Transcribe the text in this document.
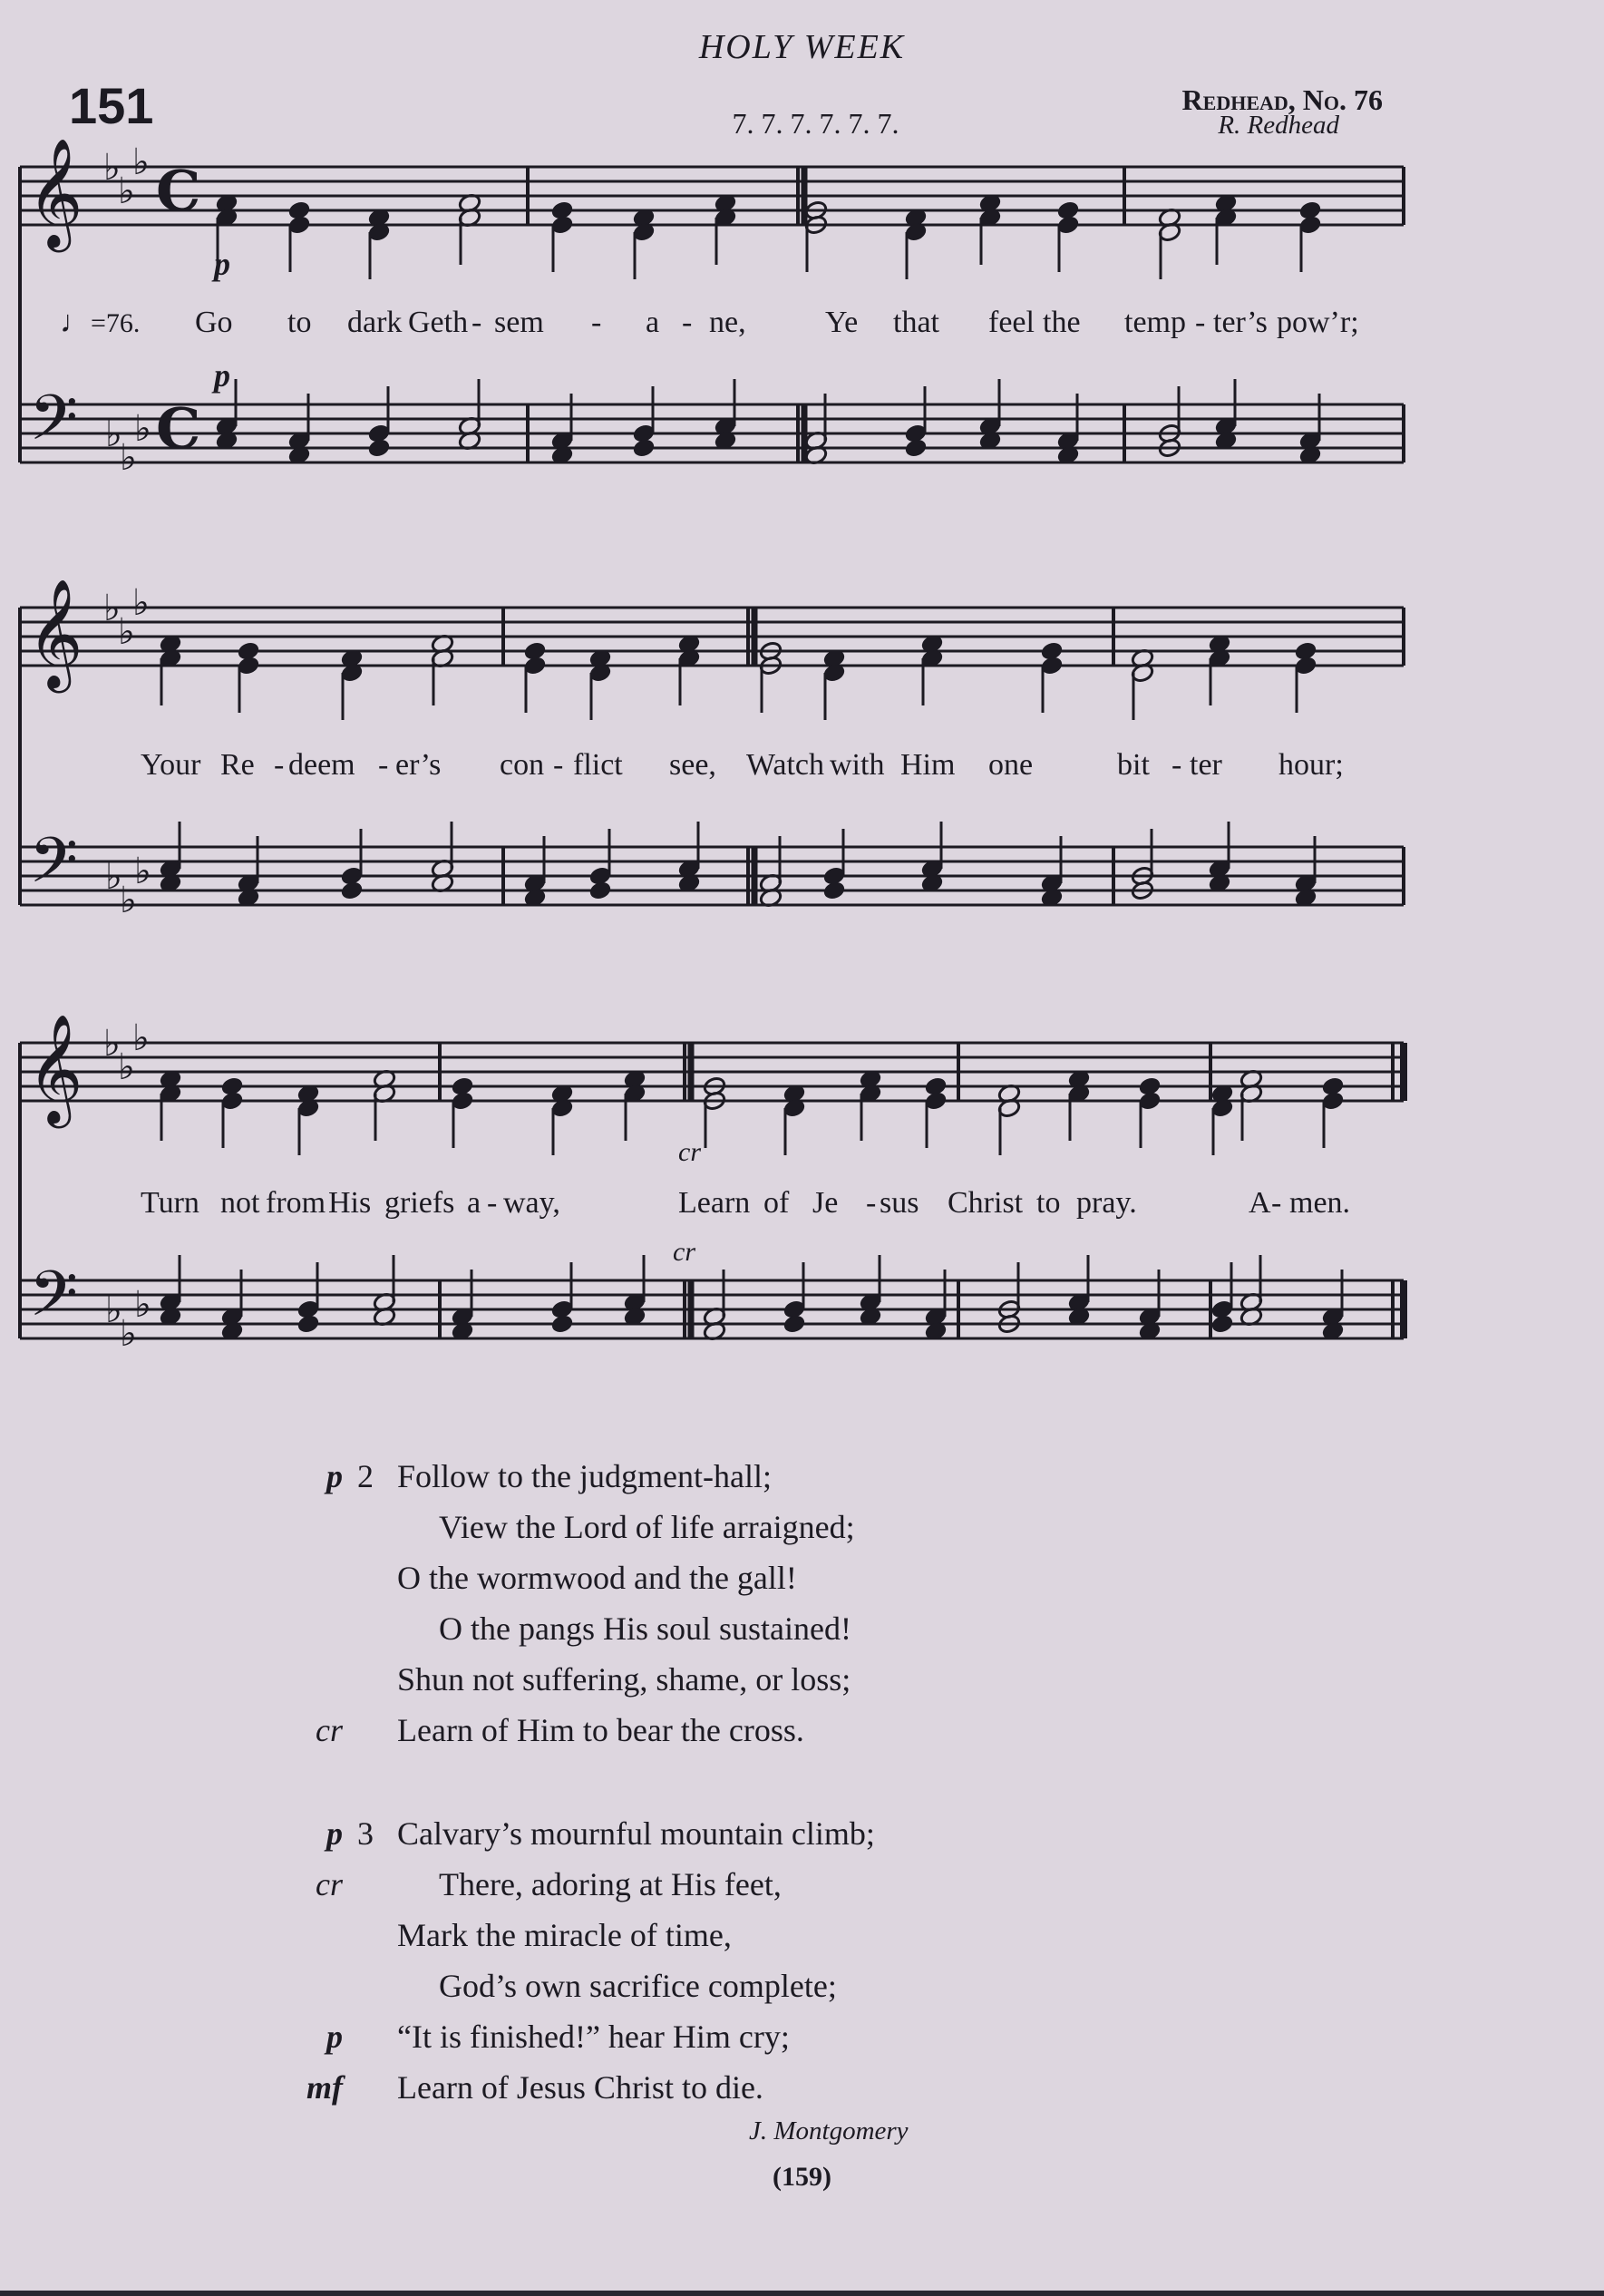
HOLY WEEK
151	7. 7. 7. 7. 7. 7.
Redhead, No. 76
R. Redhead
𝄞
𝄢
♭
♭
♭
♭
♭
♭
C
C
𝄞
𝄢
♭
♭
♭
♭
♭
♭
𝄞
𝄢
♭
♭
♭
♭
♭
♭
p
♩=76.
p
Go to dark Geth - sem - a - ne,	Ye that feel the temp - ter’s pow’r;
Your Re - deem - er’s con - flict see, Watch with Him one	bit - ter hour;
Turn not from His griefs a - way,	Learn of Je - sus Christ to pray.	A - men.
cr
cr
p 2 Follow to the judgment-hall;
View the Lord of life arraigned;
O the wormwood and the gall!
O the pangs His soul sustained!
Shun not suffering, shame, or loss;
cr Learn of Him to bear the cross.
p 3 Calvary’s mournful mountain climb;
cr	There, adoring at His feet,
Mark the miracle of time,
God’s own sacrifice complete;
p “It is finished!” hear Him cry;
mf Learn of Jesus Christ to die.
J. Montgomery
(159)
